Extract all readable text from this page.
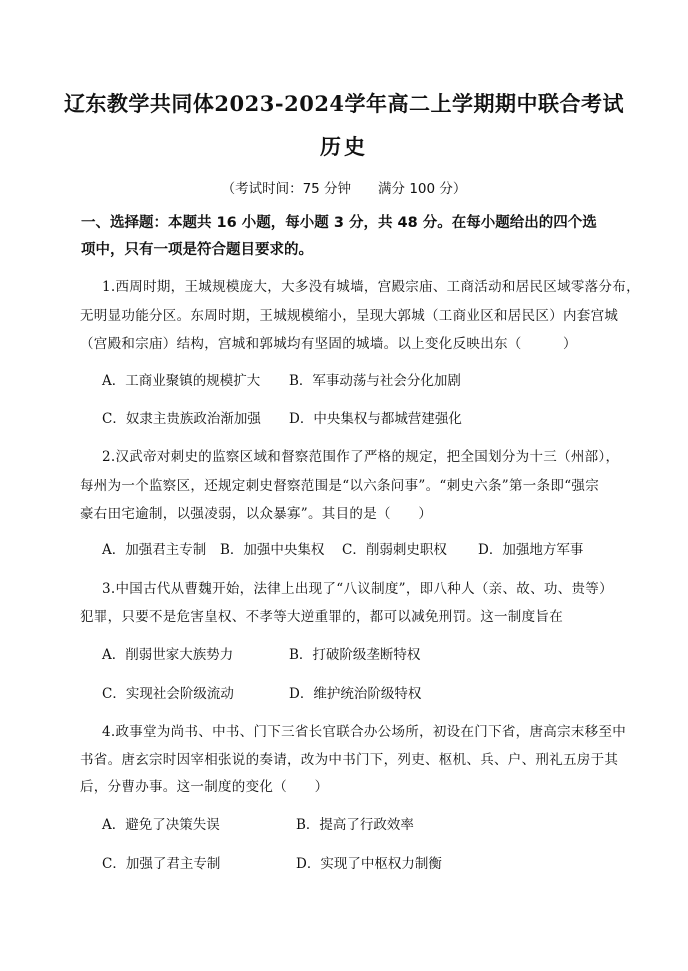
辽东教学共同体2023-2024学年高二上学期期中联合考试
历史
（考试时间：75 分钟　　满分 100 分）
一、选择题：本题共 16 小题，每小题 3 分，共 48 分。在每小题给出的四个选
项中，只有一项是符合题目要求的。
1.西周时期，王城规模庞大，大多没有城墙，宫殿宗庙、工商活动和居民区域零落分布，
无明显功能分区。东周时期，王城规模缩小，呈现大郭城（工商业区和居民区）内套宫城
（宫殿和宗庙）结构，宫城和郭城均有坚固的城墙。以上变化反映出东（　　　）
A．工商业聚镇的规模扩大 B．军事动荡与社会分化加剧
C．奴隶主贵族政治渐加强 D．中央集权与都城营建强化
2.汉武帝对刺史的监察区域和督察范围作了严格的规定，把全国划分为十三（州部），
每州为一个监察区，还规定刺史督察范围是“以六条问事”。“刺史六条”第一条即“强宗
豪右田宅逾制，以强凌弱，以众暴寡”。其目的是（　　）
A．加强君主专制 B．加强中央集权 C．削弱刺史职权 D．加强地方军事
3.中国古代从曹魏开始，法律上出现了“八议制度”，即八种人（亲、故、功、贵等）
犯罪，只要不是危害皇权、不孝等大逆重罪的，都可以减免刑罚。这一制度旨在
A．削弱世家大族势力	B．打破阶级垄断特权
C．实现社会阶级流动	D．维护统治阶级特权
4.政事堂为尚书、中书、门下三省长官联合办公场所，初设在门下省，唐高宗末移至中
书省。唐玄宗时因宰相张说的奏请，改为中书门下，列吏、枢机、兵、户、刑礼五房于其
后，分曹办事。这一制度的变化（　　）
A．避免了决策失误	B．提高了行政效率
C．加强了君主专制	D．实现了中枢权力制衡
